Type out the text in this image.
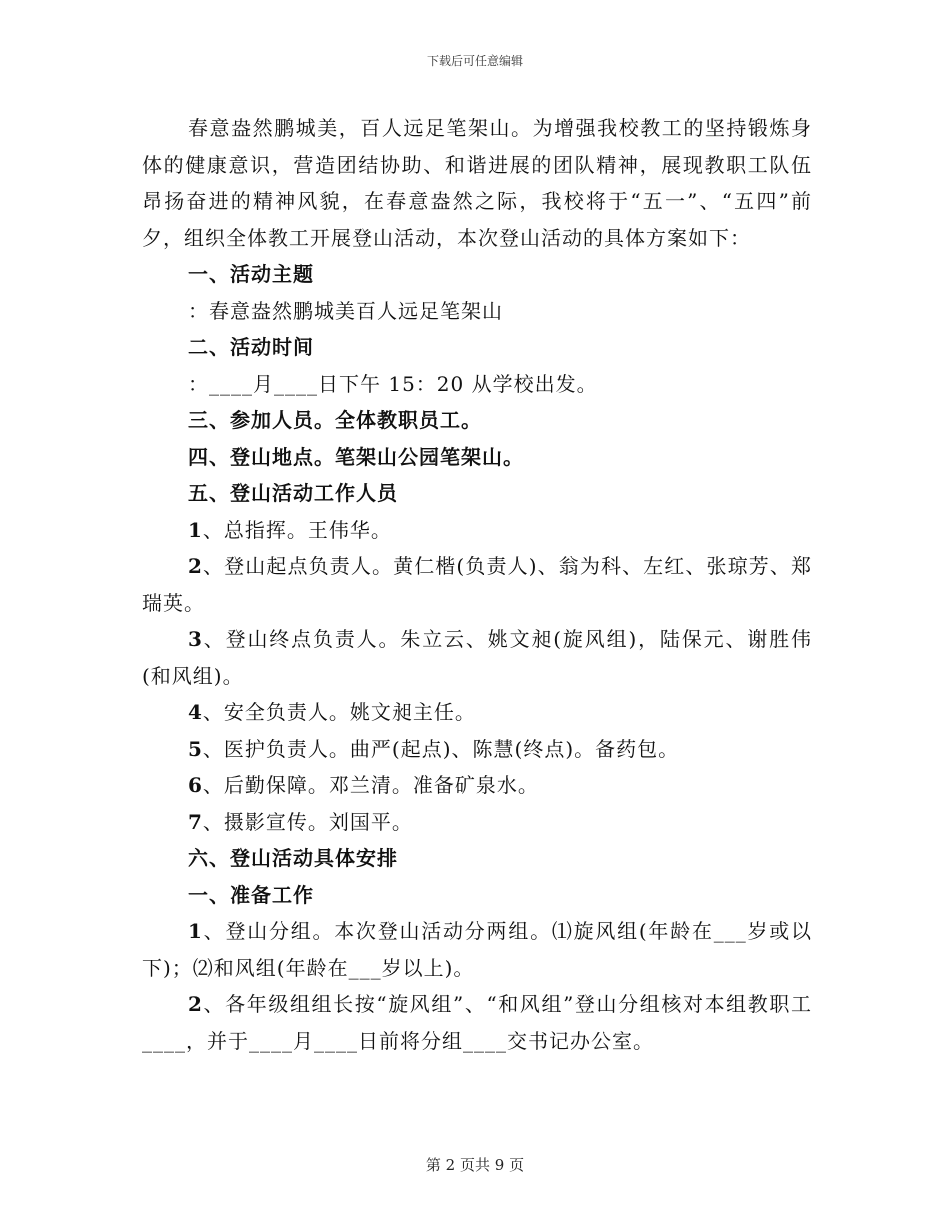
下载后可任意编辑

春意盎然鹏城美，百人远足笔架山。为增强我校教工的坚持锻炼身体的健康意识，营造团结协助、和谐进展的团队精神，展现教职工队伍昂扬奋进的精神风貌，在春意盎然之际，我校将于“五一”、“五四”前夕，组织全体教工开展登山活动，本次登山活动的具体方案如下：

一、活动主题

：春意盎然鹏城美百人远足笔架山

二、活动时间

：____月____日下午 15：20 从学校出发。

三、参加人员。全体教职员工。

四、登山地点。笔架山公园笔架山。

五、登山活动工作人员

1、总指挥。王伟华。

2、登山起点负责人。黄仁楷(负责人)、翁为科、左红、张琼芳、郑瑞英。

3、登山终点负责人。朱立云、姚文昶(旋风组)，陆保元、谢胜伟(和风组)。

4、安全负责人。姚文昶主任。

5、医护负责人。曲严(起点)、陈慧(终点)。备药包。

6、后勤保障。邓兰清。准备矿泉水。

7、摄影宣传。刘国平。

六、登山活动具体安排

一、准备工作

1、登山分组。本次登山活动分两组。⑴旋风组(年龄在___岁或以下)；⑵和风组(年龄在___岁以上)。

2、各年级组组长按“旋风组”、“和风组”登山分组核对本组教职工____，并于____月____日前将分组____交书记办公室。

第 2 页共 9 页
